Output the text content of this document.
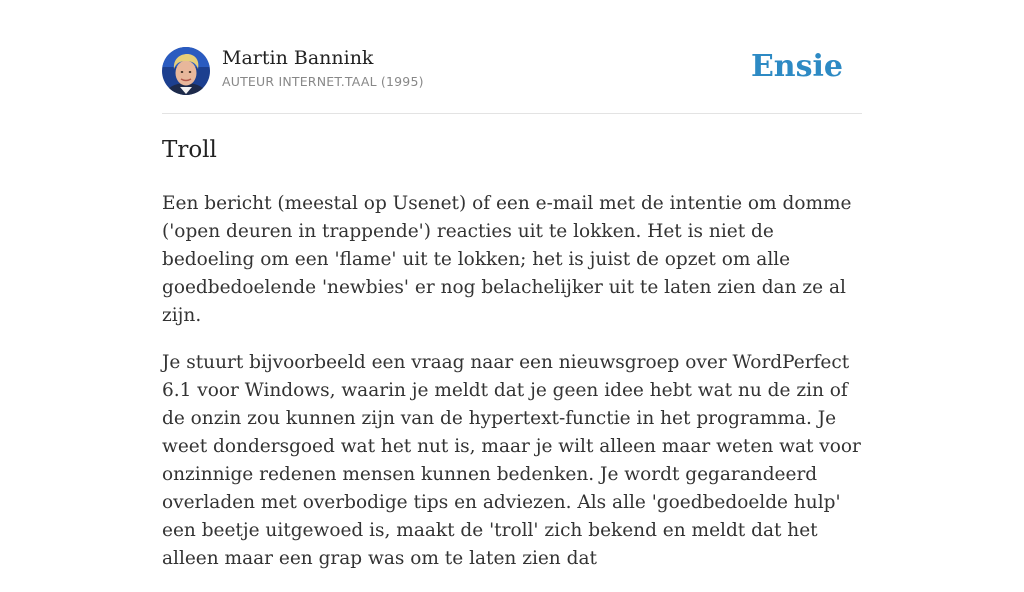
Martin Bannink
AUTEUR INTERNET.TAAL (1995)	Ensie
Troll

Een bericht (meestal op Usenet) of een e-mail met de intentie om domme ('open deuren in trappende') reacties uit te lokken. Het is niet de bedoeling om een 'flame' uit te lokken; het is juist de opzet om alle goedbedoelende 'newbies' er nog belachelijker uit te laten zien dan ze al zijn.

Je stuurt bijvoorbeeld een vraag naar een nieuwsgroep over WordPerfect 6.1 voor Windows, waarin je meldt dat je geen idee hebt wat nu de zin of de onzin zou kunnen zijn van de hypertext-functie in het programma. Je weet dondersgoed wat het nut is, maar je wilt alleen maar weten wat voor onzinnige redenen mensen kunnen bedenken. Je wordt gegarandeerd overladen met overbodige tips en adviezen. Als alle 'goedbedoelde hulp' een beetje uitgewoed is, maakt de 'troll' zich bekend en meldt dat het alleen maar een grap was om te laten zien dat
